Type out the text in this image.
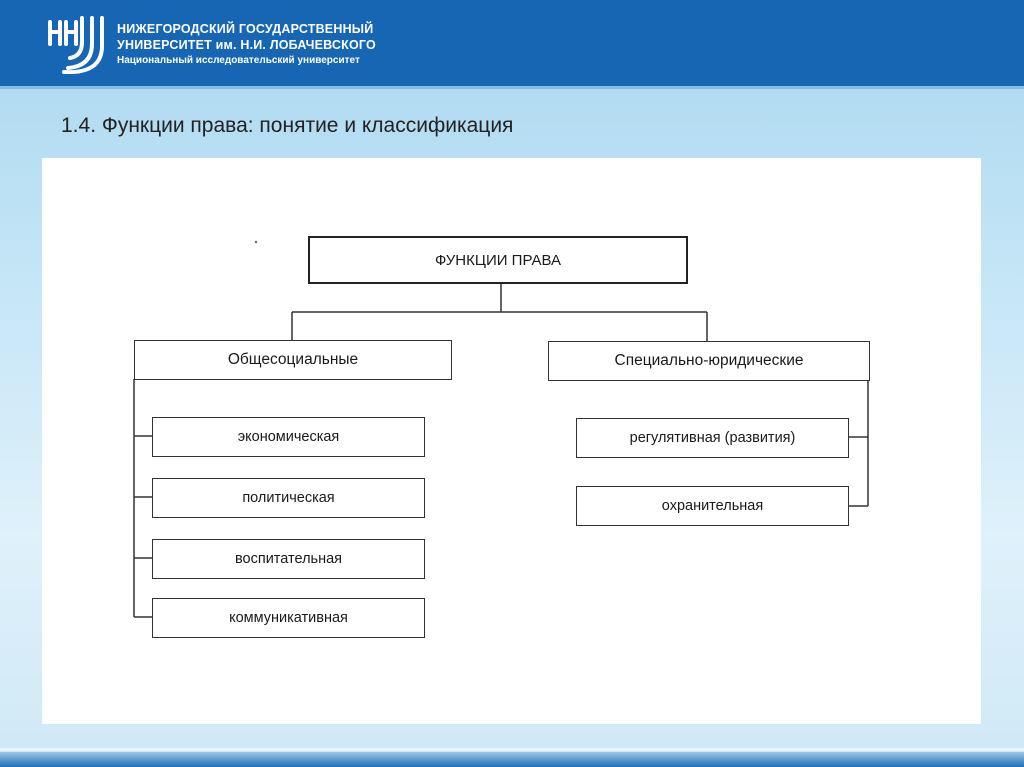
НИЖЕГОРОДСКИЙ ГОСУДАРСТВЕННЫЙ
УНИВЕРСИТЕТ им. Н.И. ЛОБАЧЕВСКОГО
Национальный исследовательский университет
1.4. Функции права: понятие и классификация
ФУНКЦИИ ПРАВА
Общесоциальные
экономическая
политическая
воспитательная
коммуникативная
Специально-юридические
регулятивная (развития)
охранительная
